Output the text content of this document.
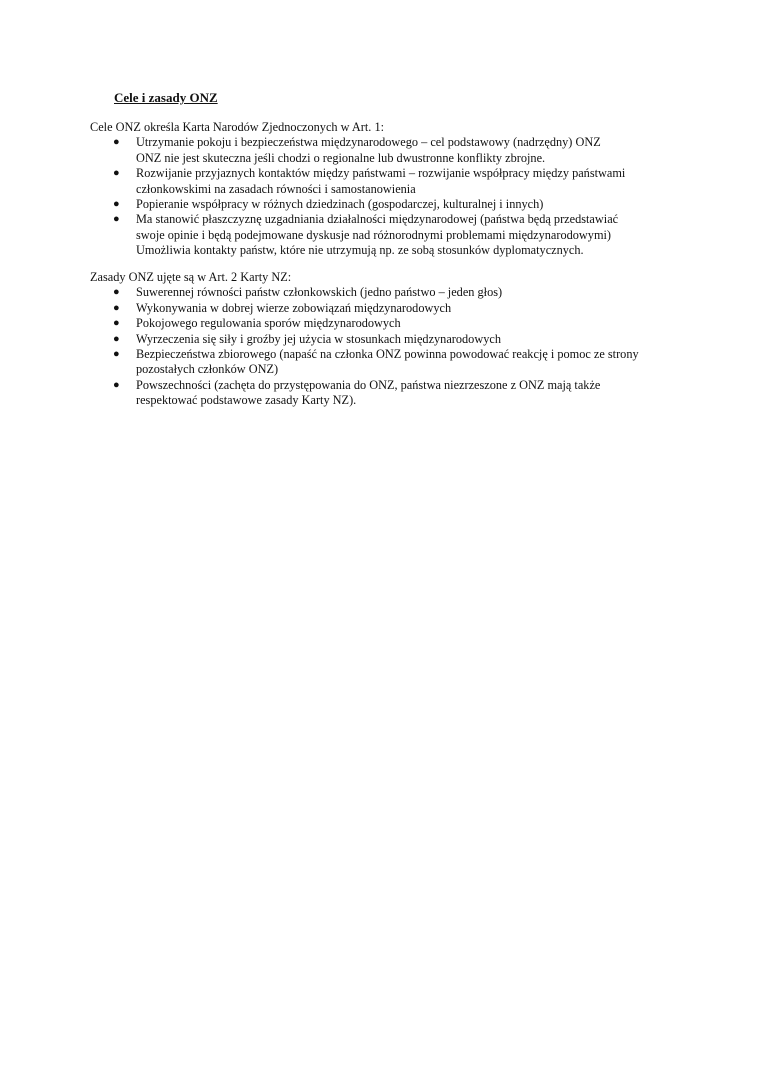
Cele i zasady ONZ

Cele ONZ określa Karta Narodów Zjednoczonych w Art. 1:

● Utrzymanie pokoju i bezpieczeństwa międzynarodowego – cel podstawowy (nadrzędny) ONZ
ONZ nie jest skuteczna jeśli chodzi o regionalne lub dwustronne konflikty zbrojne.
● Rozwijanie przyjaznych kontaktów między państwami – rozwijanie współpracy między państwami
członkowskimi na zasadach równości i samostanowienia
● Popieranie współpracy w różnych dziedzinach (gospodarczej, kulturalnej i innych)
● Ma stanowić płaszczyznę uzgadniania działalności międzynarodowej (państwa będą przedstawiać
swoje opinie i będą podejmowane dyskusje nad różnorodnymi problemami międzynarodowymi)
Umożliwia kontakty państw, które nie utrzymują np. ze sobą stosunków dyplomatycznych.

Zasady ONZ ujęte są w Art. 2 Karty NZ:

● Suwerennej równości państw członkowskich (jedno państwo – jeden głos)
● Wykonywania w dobrej wierze zobowiązań międzynarodowych
● Pokojowego regulowania sporów międzynarodowych
● Wyrzeczenia się siły i groźby jej użycia w stosunkach międzynarodowych
● Bezpieczeństwa zbiorowego (napaść na członka ONZ powinna powodować reakcję i pomoc ze strony
pozostałych członków ONZ)
● Powszechności (zachęta do przystępowania do ONZ, państwa niezrzeszone z ONZ mają także
respektować podstawowe zasady Karty NZ).
